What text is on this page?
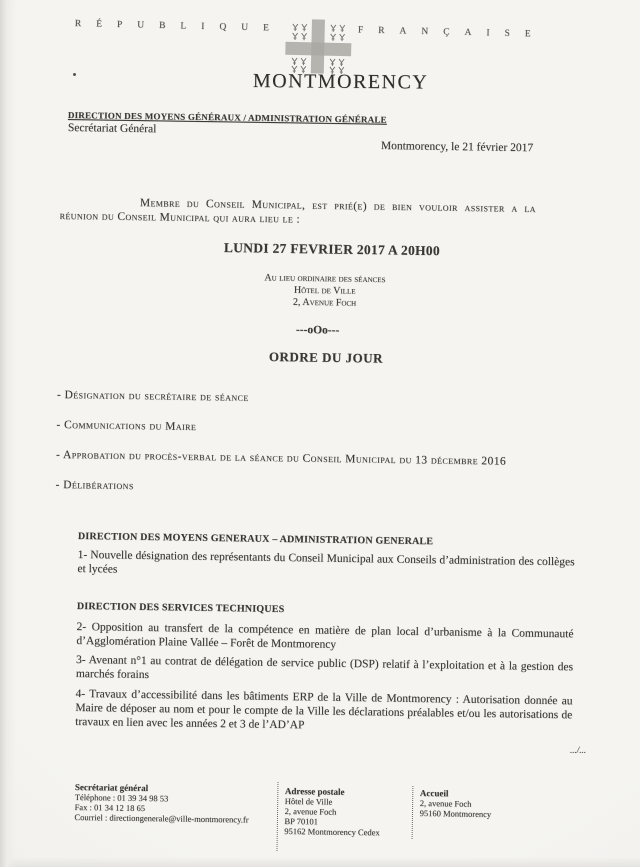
RÉPUBLIQUE	FRANÇAISE
MONTMORENCY
DIRECTION DES MOYENS GÉNÉRAUX / ADMINISTRATION GÉNÉRALE
Secrétariat Général
Montmorency, le 21 février 2017
Membre du Conseil Municipal, est prié(e) de bien vouloir assister a la réunion du Conseil Municipal qui aura lieu le :
LUNDI 27 FEVRIER 2017 A 20H00
Au lieu ordinaire des séances
Hôtel de Ville
2, Avenue Foch
---oOo---
ORDRE DU JOUR
- Désignation du secrétaire de séance
- Communications du Maire
- Approbation du procès-verbal de la séance du Conseil Municipal du 13 décembre 2016
- Délibérations
DIRECTION DES MOYENS GENERAUX – ADMINISTRATION GENERALE

1- Nouvelle désignation des représentants du Conseil Municipal aux Conseils d’administration des collèges et lycées

DIRECTION DES SERVICES TECHNIQUES

2- Opposition au transfert de la compétence en matière de plan local d’urbanisme à la Communauté d’Agglomération Plaine Vallée – Forêt de Montmorency

3- Avenant n°1 au contrat de délégation de service public (DSP) relatif à l’exploitation et à la gestion des marchés forains

4- Travaux d’accessibilité dans les bâtiments ERP de la Ville de Montmorency : Autorisation donnée au Maire de déposer au nom et pour le compte de la Ville les déclarations préalables et/ou les autorisations de travaux en lien avec les années 2 et 3 de l’AD’AP

.../...
Secrétariat général
Téléphone : 01 39 34 98 53
Fax : 01 34 12 18 65
Courriel : directiongenerale@ville-montmorency.fr
Adresse postale
Hôtel de Ville
2, avenue Foch
BP 70101
95162 Montmorency Cedex
Accueil
2, avenue Foch
95160 Montmorency
